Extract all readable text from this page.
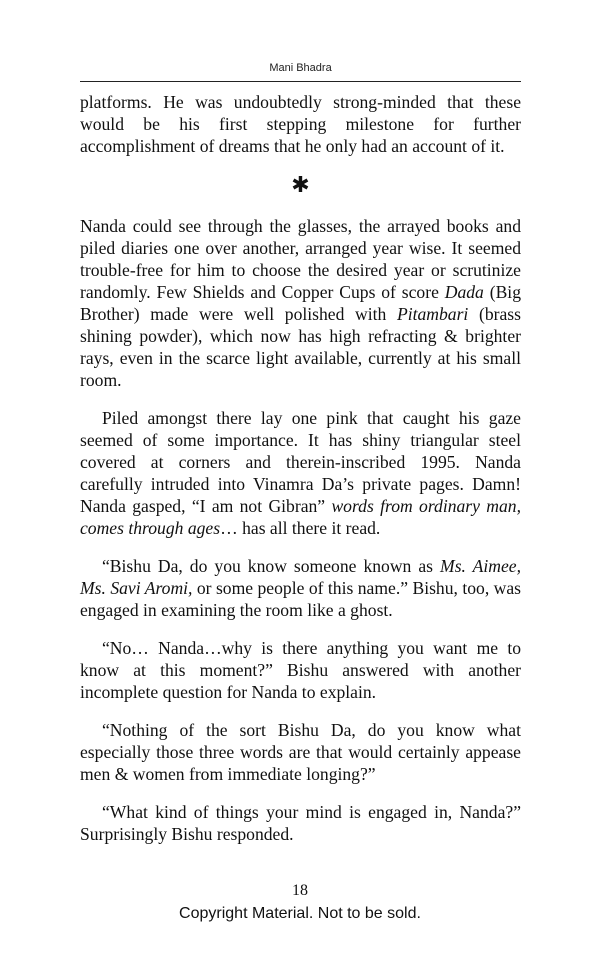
Mani Bhadra

platforms. He was undoubtedly strong-minded that these would be his first stepping milestone for further accomplishment of dreams that he only had an account of it.

✱

Nanda could see through the glasses, the arrayed books and piled diaries one over another, arranged year wise. It seemed trouble-free for him to choose the desired year or scrutinize randomly. Few Shields and Copper Cups of score Dada (Big Brother) made were well polished with Pitambari (brass shining powder), which now has high refracting & brighter rays, even in the scarce light available, currently at his small room.

Piled amongst there lay one pink that caught his gaze seemed of some importance. It has shiny triangular steel covered at corners and therein-inscribed 1995. Nanda carefully intruded into Vinamra Da’s private pages. Damn! Nanda gasped, “I am not Gibran” words from ordinary man, comes through ages… has all there it read.

“Bishu Da, do you know someone known as Ms. Aimee, Ms. Savi Aromi, or some people of this name.” Bishu, too, was engaged in examining the room like a ghost.

“No… Nanda…why is there anything you want me to know at this moment?” Bishu answered with another incomplete question for Nanda to explain.

“Nothing of the sort Bishu Da, do you know what especially those three words are that would certainly appease men & women from immediate longing?”

“What kind of things your mind is engaged in, Nanda?” Surprisingly Bishu responded.

18
Copyright Material. Not to be sold.
